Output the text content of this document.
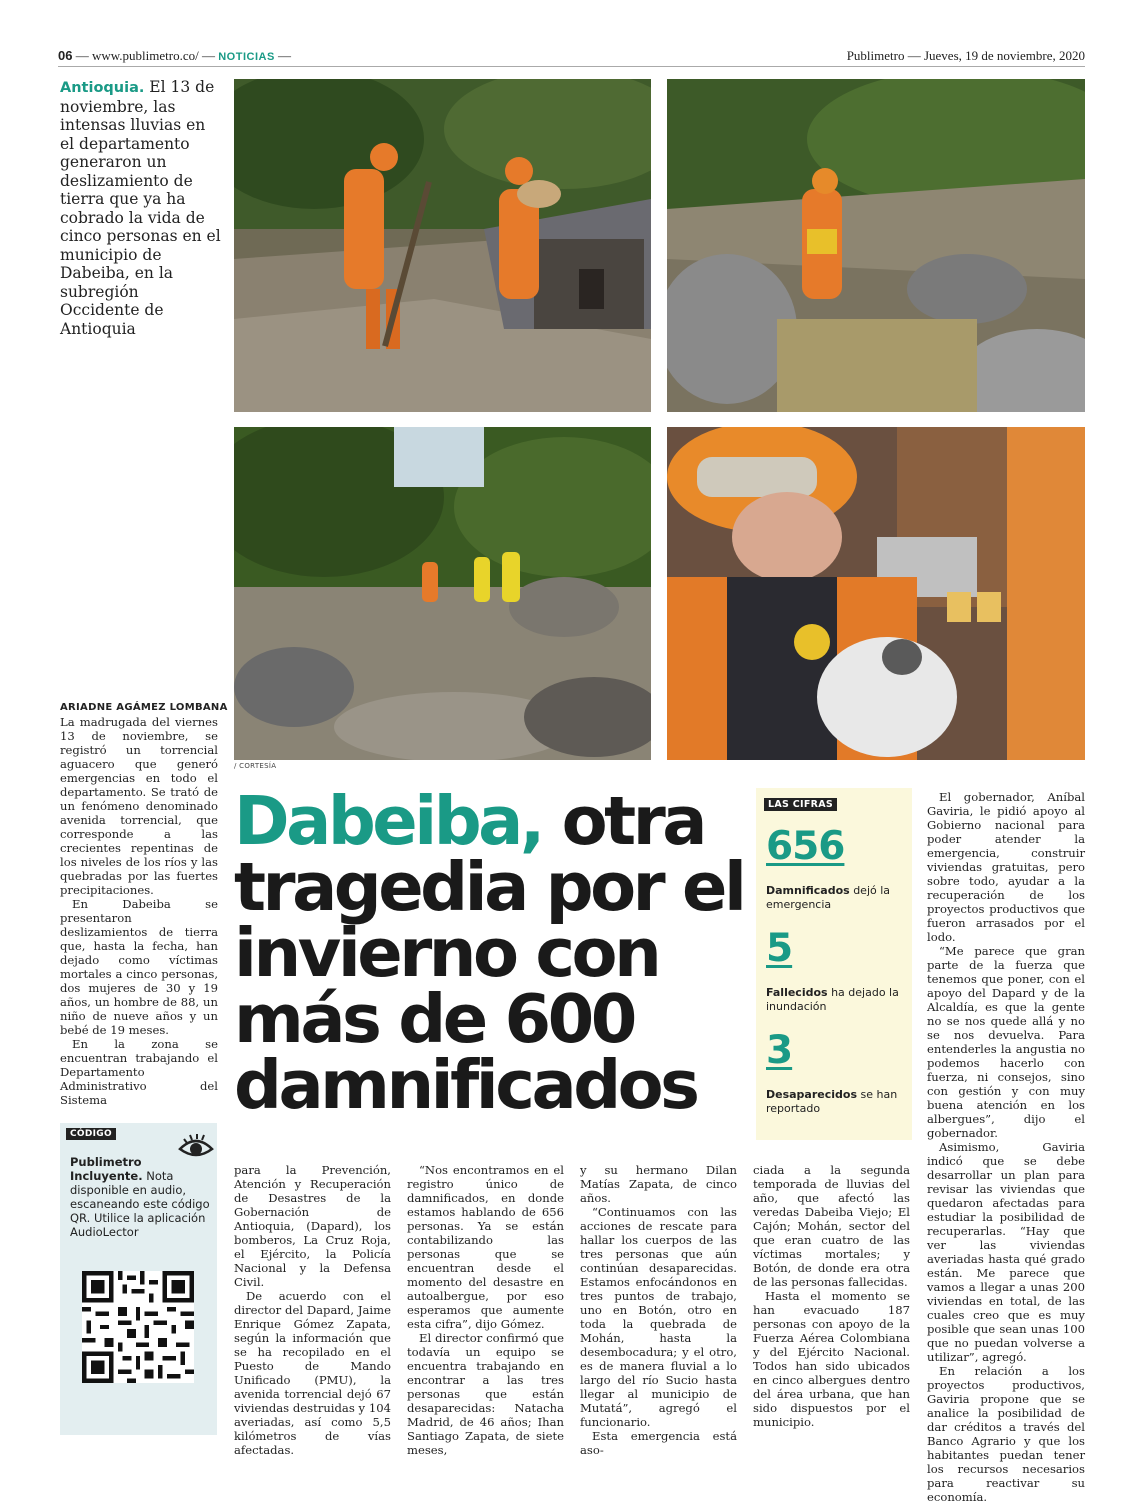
06 — www.publimetro.co/ — NOTICIAS —	Publimetro — Jueves, 19 de noviembre, 2020
Antioquia. El 13 de noviembre, las intensas lluvias en el departamento generaron un deslizamiento de tierra que ya ha cobrado la vida de cinco personas en el municipio de Dabeiba, en la subregión Occidente de Antioquia
/ CORTESÍA
ARIADNE AGÁMEZ LOMBANA

La madrugada del viernes 13 de noviembre, se registró un torrencial aguacero que generó emergencias en todo el departamento. Se trató de un fenómeno denominado avenida torrencial, que corresponde a las crecientes repentinas de los niveles de los ríos y las quebradas por las fuertes precipitaciones.

En Dabeiba se presentaron deslizamientos de tierra que, hasta la fecha, han dejado como víctimas mortales a cinco personas, dos mujeres de 30 y 19 años, un hombre de 88, un niño de nueve años y un bebé de 19 meses.

En la zona se encuentran trabajando el Departamento Administrativo del Sistema

Dabeiba, otra tragedia por el invierno con más de 600 damnificados
LAS CIFRAS
656
Damnificados dejó la emergencia
5
Fallecidos ha dejado la inundación
3
Desaparecidos se han reportado

El gobernador, Aníbal Gaviria, le pidió apoyo al Gobierno nacional para poder atender la emergencia, construir viviendas gratuitas, pero sobre todo, ayudar a la recuperación de los proyectos productivos que fueron arrasados por el lodo.

“Me parece que gran parte de la fuerza que tenemos que poner, con el apoyo del Dapard y de la Alcaldía, es que la gente no se nos quede allá y no se nos devuelva. Para entenderles la angustia no podemos hacerlo con fuerza, ni consejos, sino con gestión y con muy buena atención en los albergues”, dijo el gobernador.

Asimismo, Gaviria indicó que se debe desarrollar un plan para revisar las viviendas que quedaron afectadas para estudiar la posibilidad de recuperarlas. “Hay que ver las viviendas averiadas hasta qué grado están. Me parece que vamos a llegar a unas 200 viviendas en total, de las cuales creo que es muy posible que sean unas 100 que no puedan volverse a utilizar”, agregó.

En relación a los proyectos productivos, Gaviria propone que se analice la posibilidad de dar créditos a través del Banco Agrario y que los habitantes puedan tener los recursos necesarios para reactivar su economía.

CÓDIGO
Publimetro Incluyente. Nota disponible en audio, escaneando este código QR. Utilice la aplicación AudioLector

para la Prevención, Atención y Recuperación de Desastres de la Gobernación de Antioquia, (Dapard), los bomberos, La Cruz Roja, el Ejército, la Policía Nacional y la Defensa Civil.

De acuerdo con el director del Dapard, Jaime Enrique Gómez Zapata, según la información que se ha recopilado en el Puesto de Mando Unificado (PMU), la avenida torrencial dejó 67 viviendas destruidas y 104 averiadas, así como 5,5 kilómetros de vías afectadas.

“Nos encontramos en el registro único de damnificados, en donde estamos hablando de 656 personas. Ya se están contabilizando las personas que se encuentran desde el momento del desastre en autoalbergue, por eso esperamos que aumente esta cifra”, dijo Gómez.

El director confirmó que todavía un equipo se encuentra trabajando en encontrar a las tres personas que están desaparecidas: Natacha Madrid, de 46 años; Ihan Santiago Zapata, de siete meses,

y su hermano Dilan Matías Zapata, de cinco años.

“Continuamos con las acciones de rescate para hallar los cuerpos de las tres personas que aún continúan desaparecidas. Estamos enfocándonos en tres puntos de trabajo, uno en Botón, otro en toda la quebrada de Mohán, hasta la desembocadura; y el otro, es de manera fluvial a lo largo del río Sucio hasta llegar al municipio de Mutatá”, agregó el funcionario.

Esta emergencia está aso-

ciada a la segunda temporada de lluvias del año, que afectó las veredas Dabeiba Viejo; El Cajón; Mohán, sector del que eran cuatro de las víctimas mortales; y Botón, de donde era otra de las personas fallecidas.

Hasta el momento se han evacuado 187 personas con apoyo de la Fuerza Aérea Colombiana y del Ejército Nacional. Todos han sido ubicados en cinco albergues dentro del área urbana, que han sido dispuestos por el municipio.
